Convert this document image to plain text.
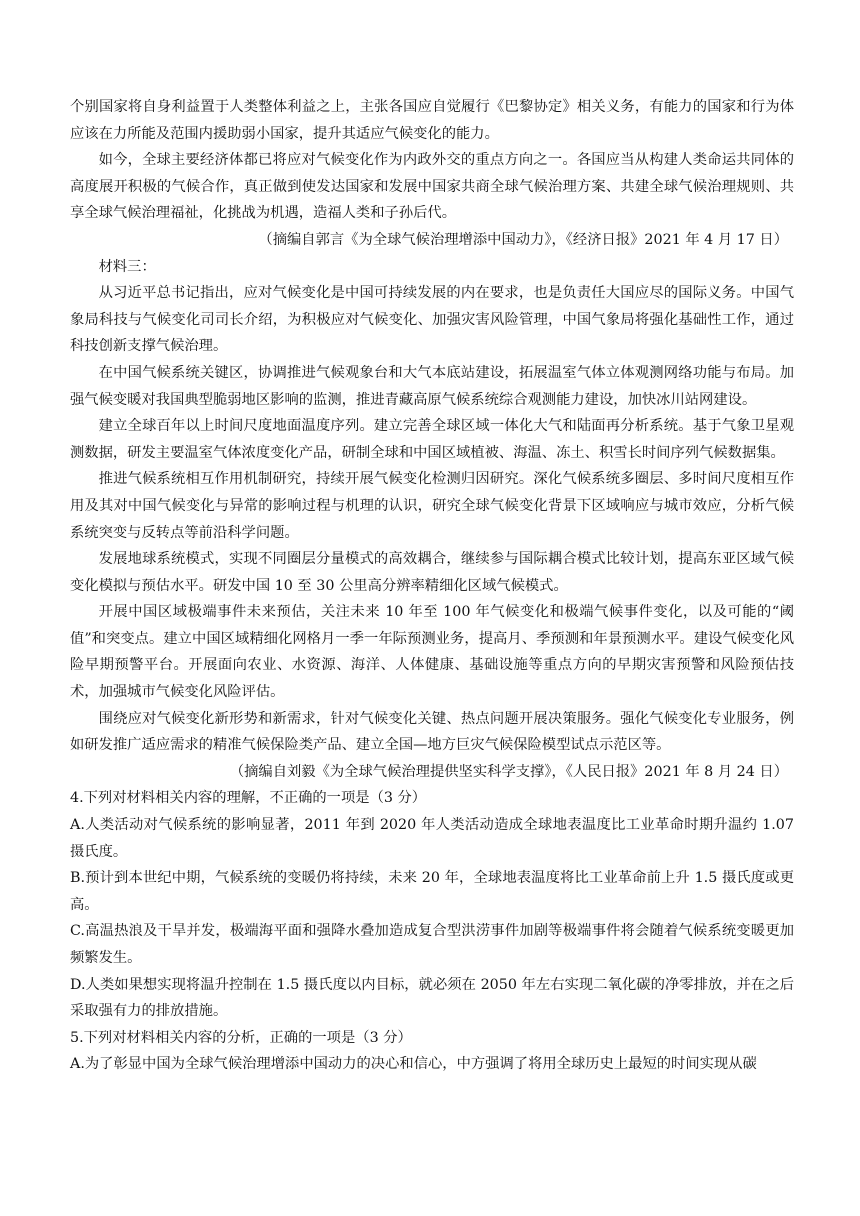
个别国家将自身利益置于人类整体利益之上，主张各国应自觉履行《巴黎协定》相关义务，有能力的国家和行为体应该在力所能及范围内援助弱小国家，提升其适应气候变化的能力。

如今，全球主要经济体都已将应对气候变化作为内政外交的重点方向之一。各国应当从构建人类命运共同体的高度展开积极的气候合作，真正做到使发达国家和发展中国家共商全球气候治理方案、共建全球气候治理规则、共享全球气候治理福祉，化挑战为机遇，造福人类和子孙后代。

（摘编自郭言《为全球气候治理增添中国动力》，《经济日报》2021 年 4 月 17 日）

材料三：

从习近平总书记指出，应对气候变化是中国可持续发展的内在要求，也是负责任大国应尽的国际义务。中国气象局科技与气候变化司司长介绍，为积极应对气候变化、加强灾害风险管理，中国气象局将强化基础性工作，通过科技创新支撑气候治理。

在中国气候系统关键区，协调推进气候观象台和大气本底站建设，拓展温室气体立体观测网络功能与布局。加强气候变暖对我国典型脆弱地区影响的监测，推进青藏高原气候系统综合观测能力建设，加快冰川站网建设。

建立全球百年以上时间尺度地面温度序列。建立完善全球区域一体化大气和陆面再分析系统。基于气象卫星观测数据，研发主要温室气体浓度变化产品，研制全球和中国区域植被、海温、冻土、积雪长时间序列气候数据集。

推进气候系统相互作用机制研究，持续开展气候变化检测归因研究。深化气候系统多圈层、多时间尺度相互作用及其对中国气候变化与异常的影响过程与机理的认识，研究全球气候变化背景下区域响应与城市效应，分析气候系统突变与反转点等前沿科学问题。

发展地球系统模式，实现不同圈层分量模式的高效耦合，继续参与国际耦合模式比较计划，提高东亚区域气候变化模拟与预估水平。研发中国 10 至 30 公里高分辨率精细化区域气候模式。

开展中国区域极端事件未来预估，关注未来 10 年至 100 年气候变化和极端气候事件变化，以及可能的“阈值”和突变点。建立中国区域精细化网格月一季一年际预测业务，提高月、季预测和年景预测水平。建设气候变化风险早期预警平台。开展面向农业、水资源、海洋、人体健康、基础设施等重点方向的早期灾害预警和风险预估技术，加强城市气候变化风险评估。

围绕应对气候变化新形势和新需求，针对气候变化关键、热点问题开展决策服务。强化气候变化专业服务，例如研发推广适应需求的精准气候保险类产品、建立全国—地方巨灾气候保险模型试点示范区等。

（摘编自刘毅《为全球气候治理提供坚实科学支撑》，《人民日报》2021 年 8 月 24 日）

4.下列对材料相关内容的理解，不正确的一项是（3 分）

A.人类活动对气候系统的影响显著，2011 年到 2020 年人类活动造成全球地表温度比工业革命时期升温约 1.07 摄氏度。

B.预计到本世纪中期，气候系统的变暖仍将持续，未来 20 年，全球地表温度将比工业革命前上升 1.5 摄氏度或更高。

C.高温热浪及干旱并发，极端海平面和强降水叠加造成复合型洪涝事件加剧等极端事件将会随着气候系统变暖更加频繁发生。

D.人类如果想实现将温升控制在 1.5 摄氏度以内目标，就必须在 2050 年左右实现二氧化碳的净零排放，并在之后采取强有力的排放措施。

5.下列对材料相关内容的分析，正确的一项是（3 分）

A.为了彰显中国为全球气候治理增添中国动力的决心和信心，中方强调了将用全球历史上最短的时间实现从碳
